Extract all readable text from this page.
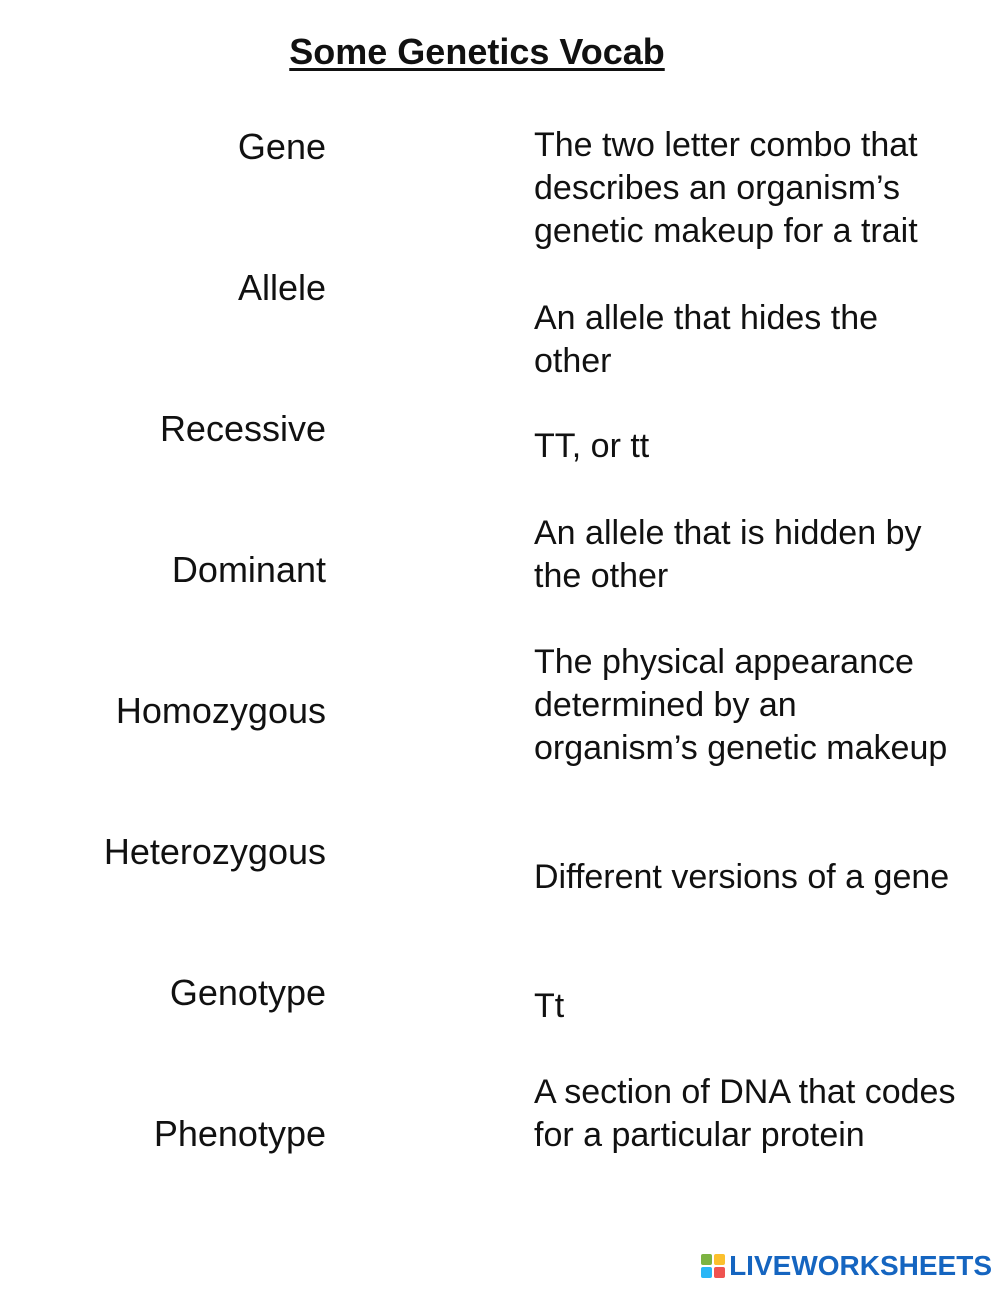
Some Genetics Vocab
Gene
Allele
Recessive
Dominant
Homozygous
Heterozygous
Genotype
Phenotype
The two letter combo that describes an organism’s genetic makeup for a trait
An allele that hides the other
TT, or tt
An allele that is hidden by the other
The physical appearance determined by an organism’s genetic makeup
Different versions of a gene
Tt
A section of DNA that codes for a particular protein
LIVEWORKSHEETS
